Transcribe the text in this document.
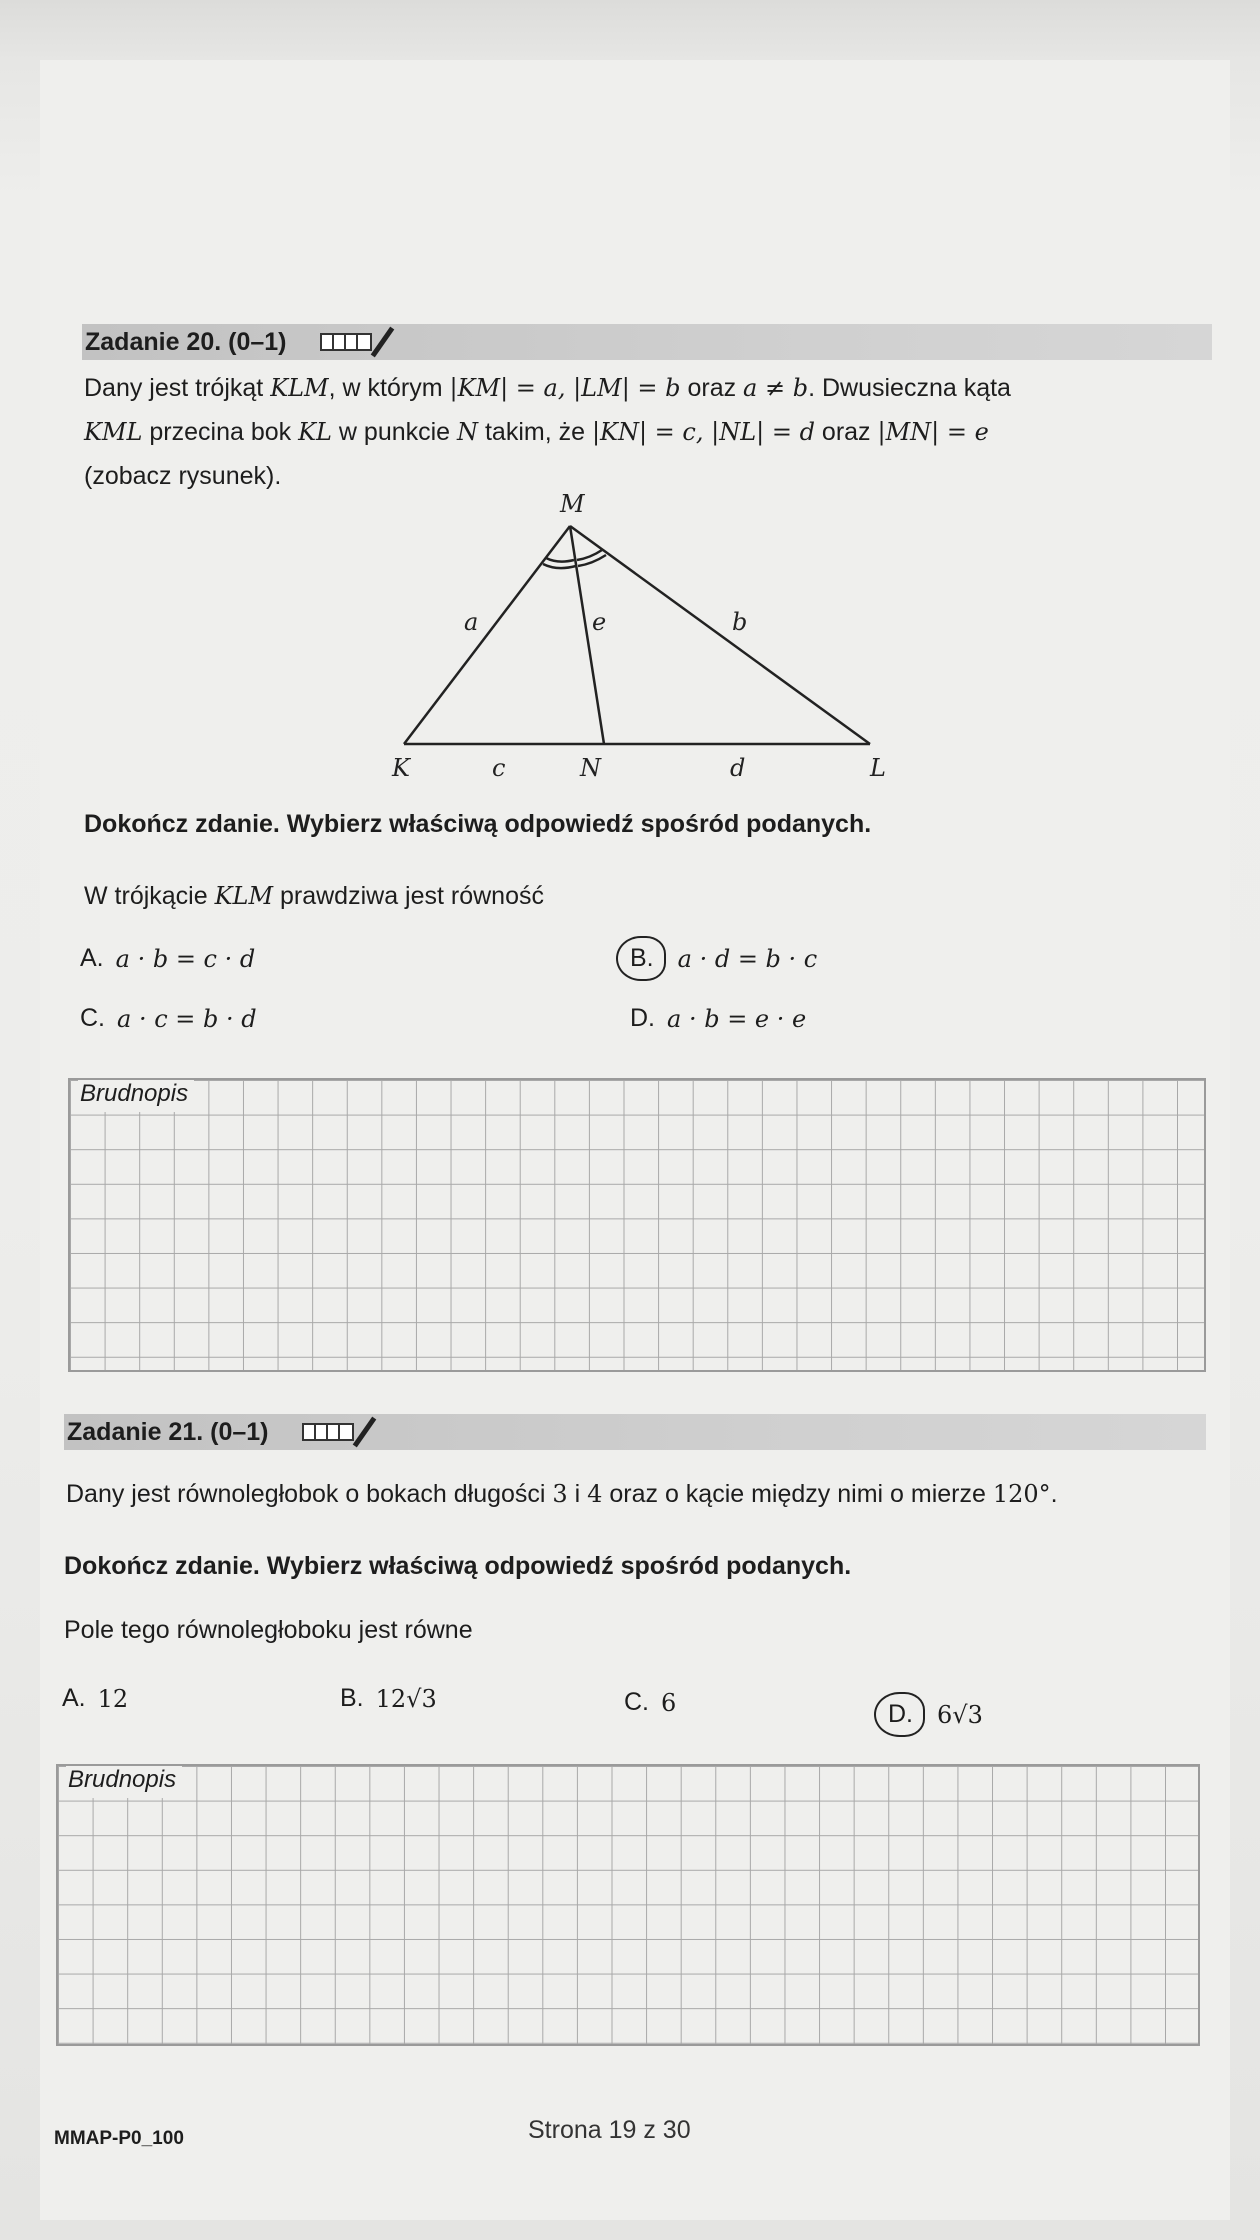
Zadanie 20. (0–1)
Dany jest trójkąt KLM, w którym |KM| = a, |LM| = b oraz a ≠ b. Dwusieczna kąta
KML przecina bok KL w punkcie N takim, że |KN| = c, |NL| = d oraz |MN| = e
(zobacz rysunek).
M
K	N	L
a	b
c	d
e
Dokończ zdanie. Wybierz właściwą odpowiedź spośród podanych.
W trójkącie KLM prawdziwa jest równość
A. a · b = c · d	B.	a · d = b · c
C. a · c = b · d	D. a · b = e · e
Brudnopis
Zadanie 21. (0–1)
Dany jest równoległobok o bokach długości 3 i 4 oraz o kącie między nimi o mierze 120°.
Dokończ zdanie. Wybierz właściwą odpowiedź spośród podanych.
Pole tego równoległoboku jest równe
A. 12	B. 12√3	C. 6	D.	6√3
Brudnopis
MMAP-P0_100	Strona 19 z 30
